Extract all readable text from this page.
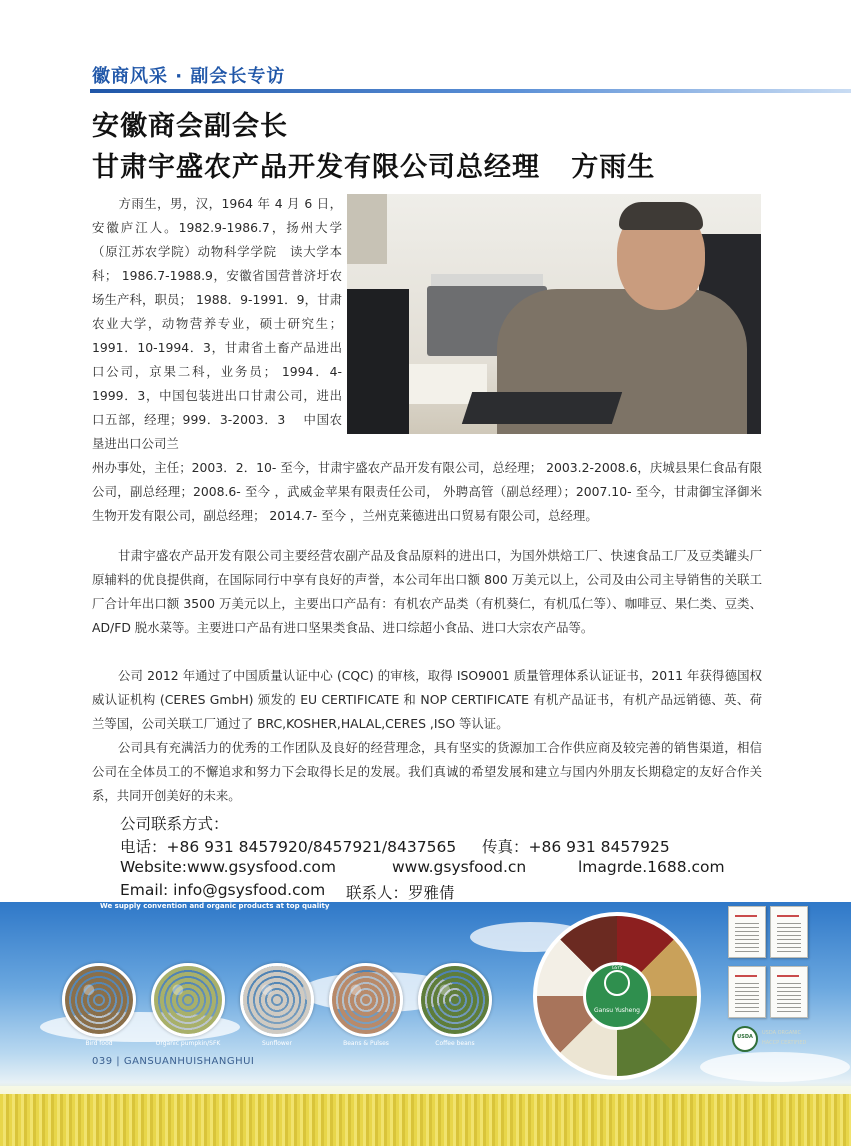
徽商风采 · 副会长专访
安徽商会副会长
甘肃宇盛农产品开发有限公司总经理   方雨生
方雨生，男，汉，1964 年 4 月 6 日，安徽庐江人。1982.9-1986.7，扬州大学（原江苏农学院）动物科学学院　读大学本科； 1986.7-1988.9，安徽省国营普济圩农场生产科，职员； 1988．9-1991．9，甘肃农业大学，动物营养专业，硕士研究生； 1991．10-1994．3，甘肃省土畜产品进出口公司，京果二科，业务员； 1994．4-1999．3，中国包装进出口甘肃公司，进出口五部，经理；999．3-2003．3　 中国农垦进出口公司兰
州办事处，主任；2003．2．10- 至今，甘肃宇盛农产品开发有限公司，总经理； 2003.2-2008.6，庆城县果仁食品有限公司，副总经理；2008.6- 至今 ，武威金苹果有限责任公司， 外聘高管（副总经理）；2007.10- 至今，甘肃御宝泽御米生物开发有限公司，副总经理； 2014.7- 至今 ，兰州克莱德进出口贸易有限公司，总经理。

甘肃宇盛农产品开发有限公司主要经营农副产品及食品原料的进出口，为国外烘焙工厂、快速食品工厂及豆类罐头厂原辅料的优良提供商，在国际同行中享有良好的声誉，本公司年出口额 800 万美元以上，公司及由公司主导销售的关联工厂合计年出口额 3500 万美元以上，主要出口产品有：有机农产品类（有机葵仁，有机瓜仁等）、咖啡豆、果仁类、豆类、AD/FD 脱水菜等。主要进口产品有进口坚果类食品、进口综超小食品、进口大宗农产品等。

公司 2012 年通过了中国质量认证中心 (CQC) 的审核，取得 ISO9001 质量管理体系认证证书，2011 年获得德国权威认证机构 (CERES GmbH) 颁发的 EU CERTIFICATE 和 NOP CERTIFICATE 有机产品证书，有机产品远销德、英、荷兰等国，公司关联工厂通过了 BRC,KOSHER,HALAL,CERES ,ISO 等认证。

公司具有充满活力的优秀的工作团队及良好的经营理念，具有坚实的货源加工合作供应商及较完善的销售渠道，相信公司在全体员工的不懈追求和努力下会取得长足的发展。我们真诚的希望发展和建立与国内外朋友长期稳定的友好合作关系，共同开创美好的未来。

公司联系方式：

电话：+86 931 8457920/8457921/8437565

传真：+86 931 8457925

Website:www.gsysfood.com

	www.gsysfood.cn

	lmagrde.1688.com

Email: info@gsysfood.com

联系人：罗雅倩

We supply convention and organic products at top quality
Bird food	Organic pumpkin/SFK	Sunflower	Beans & Pulses	Coffee beans
GSYS
Gansu Yusheng
USDA
USDA ORGANIC
HACCP CERTIFIED
039 | GANSUANHUISHANGHUI
